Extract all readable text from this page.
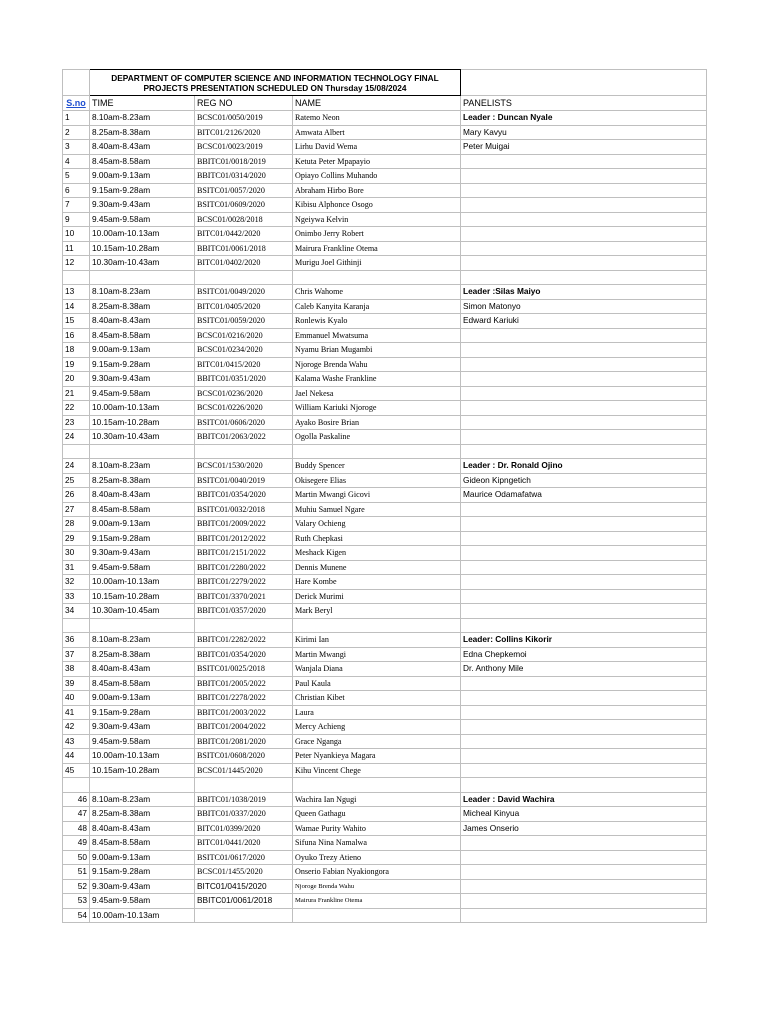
	DEPARTMENT OF COMPUTER SCIENCE AND INFORMATION TECHNOLOGY FINAL PROJECTS PRESENTATION SCHEDULED ON Thursday 15/08/2024			
S.no	TIME	REG NO	NAME	PANELISTS
1	8.10am-8.23am	BCSC01/0050/2019	Ratemo Neon	Leader : Duncan Nyale
2	8.25am-8.38am	BITC01/2126/2020	Amwata Albert	Mary Kavyu
3	8.40am-8.43am	BCSC01/0023/2019	Lirhu David Wema	Peter Muigai
4	8.45am-8.58am	BBITC01/0018/2019	Ketuta Peter Mpapayio	
5	9.00am-9.13am	BBITC01/0314/2020	Opiayo Collins Muhando	
6	9.15am-9.28am	BSITC01/0057/2020	Abraham Hirbo Bore	
7	9.30am-9.43am	BSITC01/0609/2020	Kibisu Alphonce Osogo	
9	9.45am-9.58am	BCSC01/0028/2018	Ngeiywa Kelvin	
10	10.00am-10.13am	BITC01/0442/2020	Onimbo Jerry Robert	
11	10.15am-10.28am	BBITC01/0061/2018	Mairura Frankline Otema	
12	10.30am-10.43am	BITC01/0402/2020	Murigu Joel Githinji	

13	8.10am-8.23am	BSITC01/0049/2020	Chris Wahome	Leader :Silas Maiyo
14	8.25am-8.38am	BITC01/0405/2020	Caleb Kanyita Karanja	Simon Matonyo
15	8.40am-8.43am	BSITC01/0059/2020	Ronlewis Kyalo	Edward Kariuki
16	8.45am-8.58am	BCSC01/0216/2020	Emmanuel Mwatsuma	
18	9.00am-9.13am	BCSC01/0234/2020	Nyamu Brian Mugambi	
19	9.15am-9.28am	BITC01/0415/2020	Njoroge Brenda Wahu	
20	9.30am-9.43am	BBITC01/0351/2020	Kalama Washe Frankline	
21	9.45am-9.58am	BCSC01/0236/2020	Jael Nekesa	
22	10.00am-10.13am	BCSC01/0226/2020	William Kariuki Njoroge	
23	10.15am-10.28am	BSITC01/0606/2020	Ayako Bosire Brian	
24	10.30am-10.43am	BBITC01/2063/2022	Ogolla Paskaline	

24	8.10am-8.23am	BCSC01/1530/2020	Buddy Spencer	Leader : Dr. Ronald Ojino
25	8.25am-8.38am	BSITC01/0040/2019	Okisegere Elias	Gideon Kipngetich
26	8.40am-8.43am	BBITC01/0354/2020	Martin Mwangi Gicovi	Maurice Odamafatwa
27	8.45am-8.58am	BSITC01/0032/2018	Muhiu Samuel Ngare	
28	9.00am-9.13am	BBITC01/2009/2022	Valary Ochieng	
29	9.15am-9.28am	BBITC01/2012/2022	Ruth Chepkasi	
30	9.30am-9.43am	BBITC01/2151/2022	Meshack Kigen	
31	9.45am-9.58am	BBITC01/2280/2022	Dennis Munene	
32	10.00am-10.13am	BBITC01/2279/2022	Hare Kombe	
33	10.15am-10.28am	BBITC01/3370/2021	Derick Murimi	
34	10.30am-10.45am	BBITC01/0357/2020	Mark Beryl	

36	8.10am-8.23am	BBITC01/2282/2022	Kirimi Ian	Leader: Collins Kikorir
37	8.25am-8.38am	BBITC01/0354/2020	Martin Mwangi	Edna Chepkemoi
38	8.40am-8.43am	BSITC01/0025/2018	Wanjala Diana	Dr. Anthony Mile
39	8.45am-8.58am	BBITC01/2005/2022	Paul Kaula	
40	9.00am-9.13am	BBITC01/2278/2022	Christian Kibet	
41	9.15am-9.28am	BBITC01/2003/2022	Laura	
42	9.30am-9.43am	BBITC01/2004/2022	Mercy Achieng	
43	9.45am-9.58am	BBITC01/2081/2020	Grace Nganga	
44	10.00am-10.13am	BSITC01/0608/2020	Peter Nyankieya Magara	
45	10.15am-10.28am	BCSC01/1445/2020	Kihu Vincent Chege	

46	8.10am-8.23am	BBITC01/1038/2019	Wachira Ian Ngugi	Leader : David Wachira
47	8.25am-8.38am	BBITC01/0337/2020	Queen Gathagu	Micheal Kinyua
48	8.40am-8.43am	BITC01/0399/2020	Wamae Purity Wahito	James Onserio
49	8.45am-8.58am	BITC01/0441/2020	Sifuna Nina Namalwa	
50	9.00am-9.13am	BSITC01/0617/2020	Oyuko Trezy Atieno	
51	9.15am-9.28am	BCSC01/1455/2020	Onserio Fabian Nyakiongora	
52	9.30am-9.43am	BITC01/0415/2020	Njoroge Brenda Wahu	
53	9.45am-9.58am	BBITC01/0061/2018	Mairura Frankline Otema	
54	10.00am-10.13am			
